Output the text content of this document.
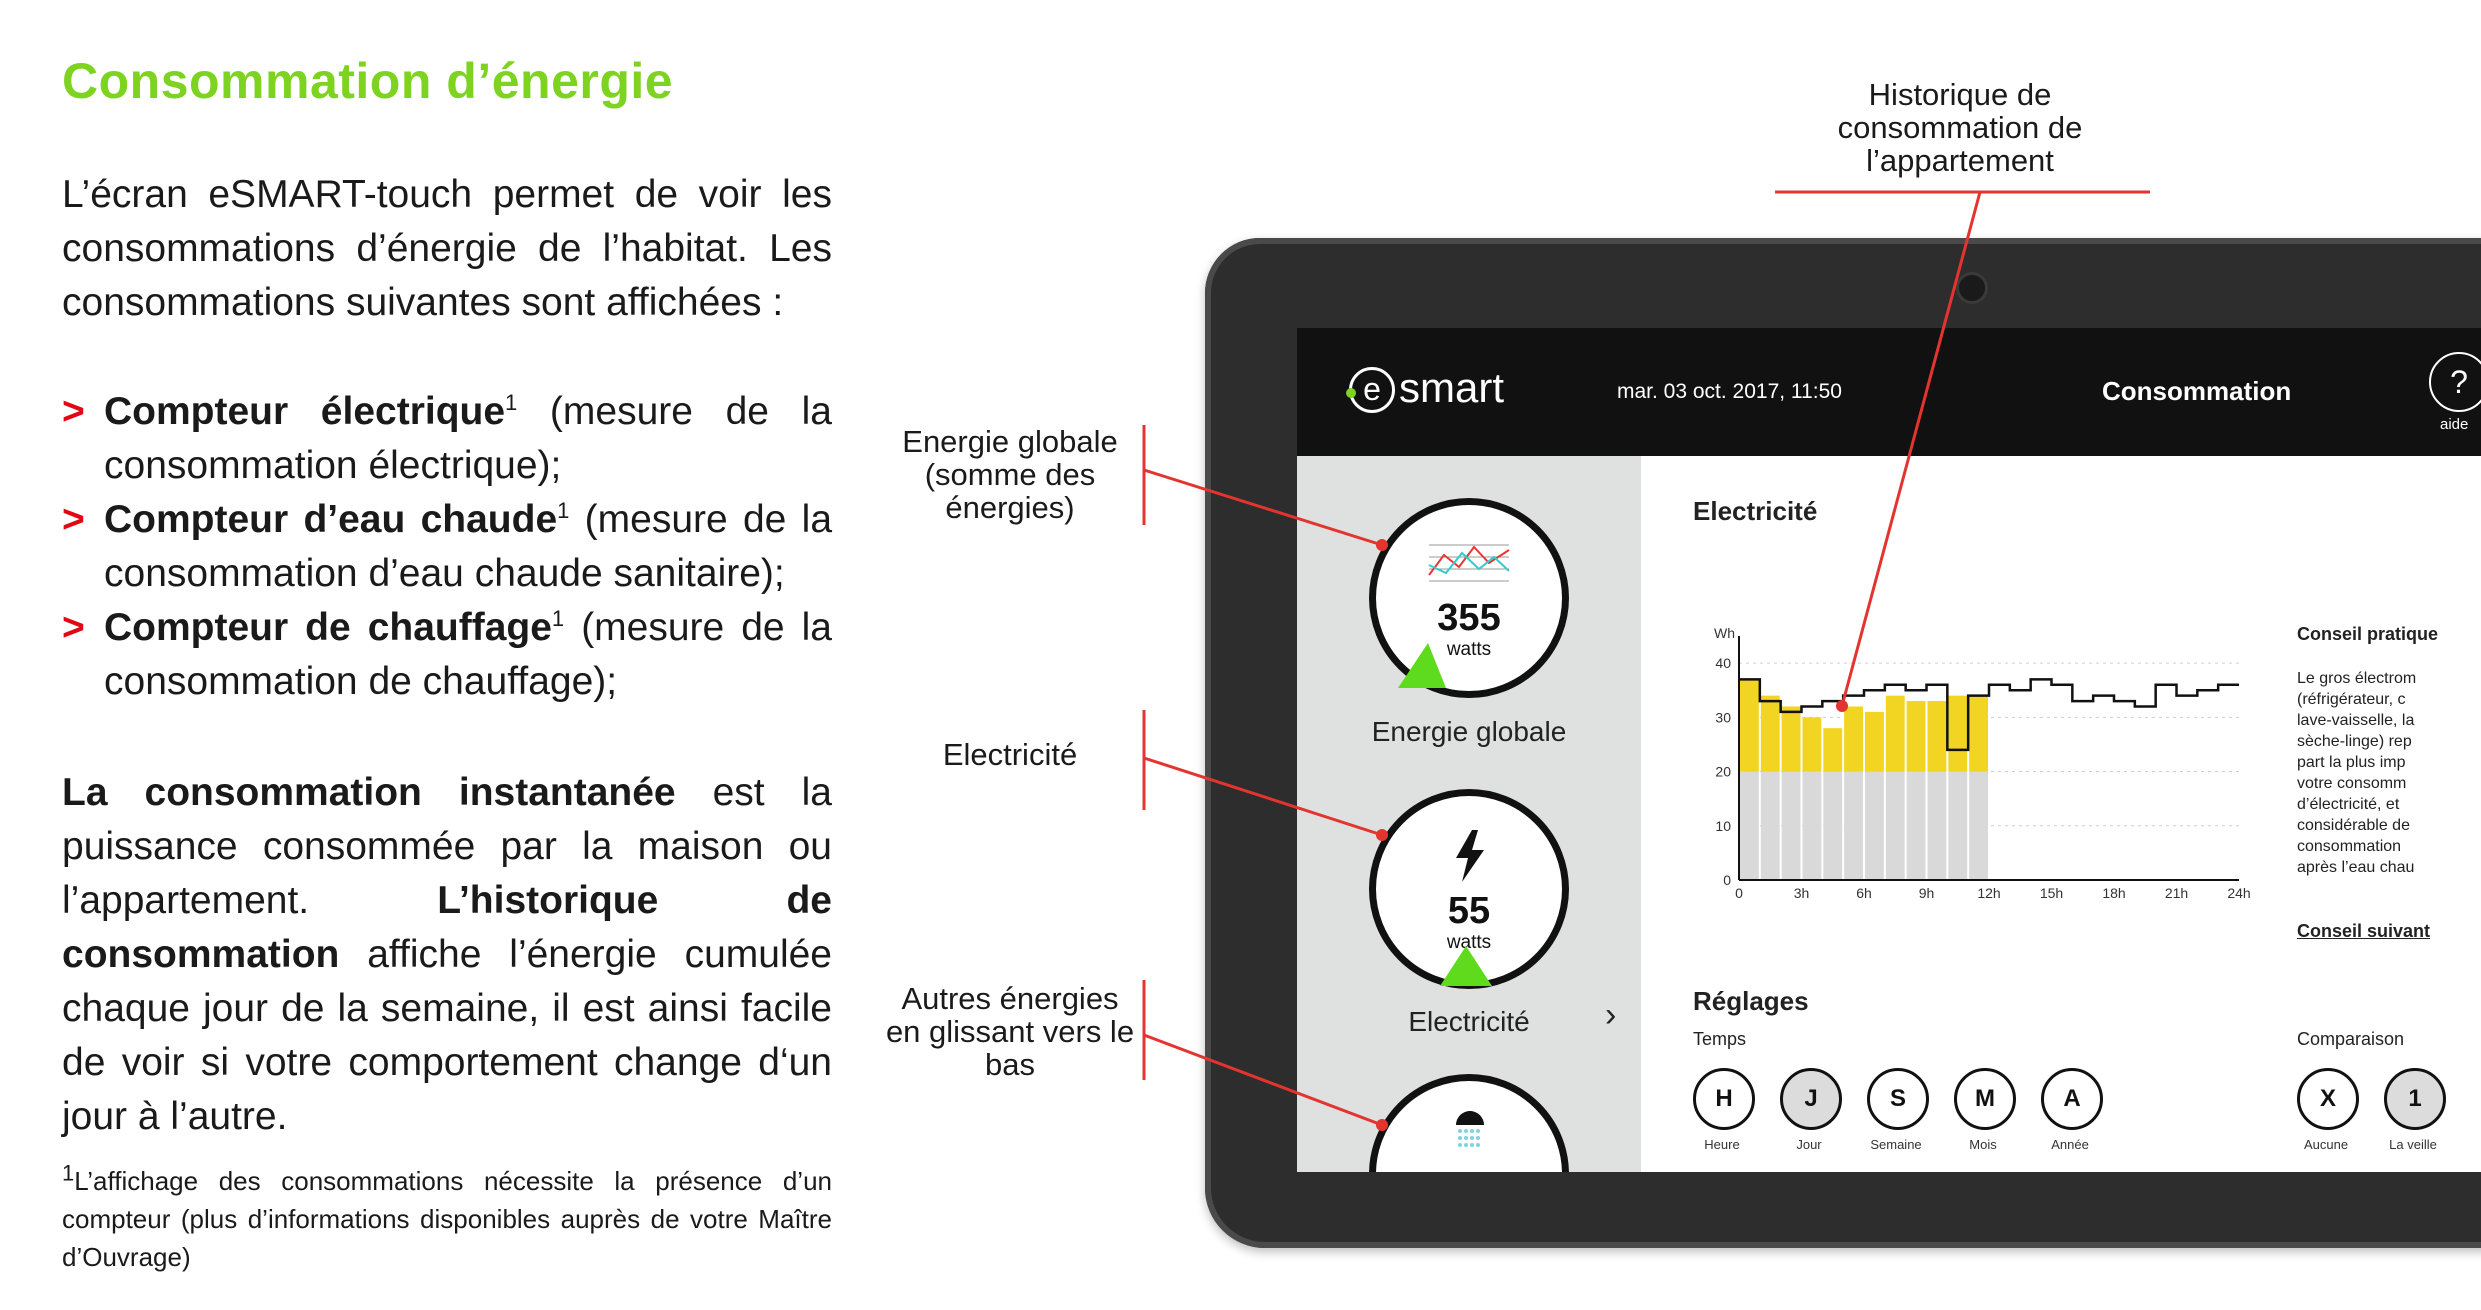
Consommation d’énergie
L’écran eSMART-touch permet de voir les consommations d’énergie de l’habitat. Les consommations suivantes sont affichées :
> Compteur électrique$^1$ (mesure de la consommation électrique);
> Compteur d’eau chaude$^1$ (mesure de la consommation d’eau chaude sanitaire);
> Compteur de chauffage$^1$ (mesure de la consommation de chauffage);
La consommation instantanée est la puissance consommée par la maison ou l’appartement. L’historique de consommation affiche l’énergie cumulée chaque jour de la semaine, il est ainsi facile de voir si votre comportement change d‘un jour à l’autre.
$^1$L’affichage des consommations nécessite la présence d’un compteur (plus d’informations disponibles auprès de votre Maître d’Ouvrage)
Historique de consommation de l’appartement
Energie globale (somme des énergies)
Electricité
Autres énergies en glissant vers le bas
e smart	mar. 03 oct. 2017, 11:50	Consommation	?
aide
355
watts
Energie globale
55
watts
Electricité	›
Electricité
0
10
20
30
40
Wh
0	3h	6h	9h	12h	15h	18h	21h	24h
Conseil pratique
Le gros électrom
(réfrigérateur, c
lave-vaisselle, la
sèche-linge) rep
part la plus imp
votre consomm
d’électricité, et
considérable de
consommation
après l’eau chau
Conseil suivant
Réglages
Temps	Comparaison
H
Heure
J
Jour
S
Semaine
M
Mois
A
Année
X
Aucune
1
La veille
